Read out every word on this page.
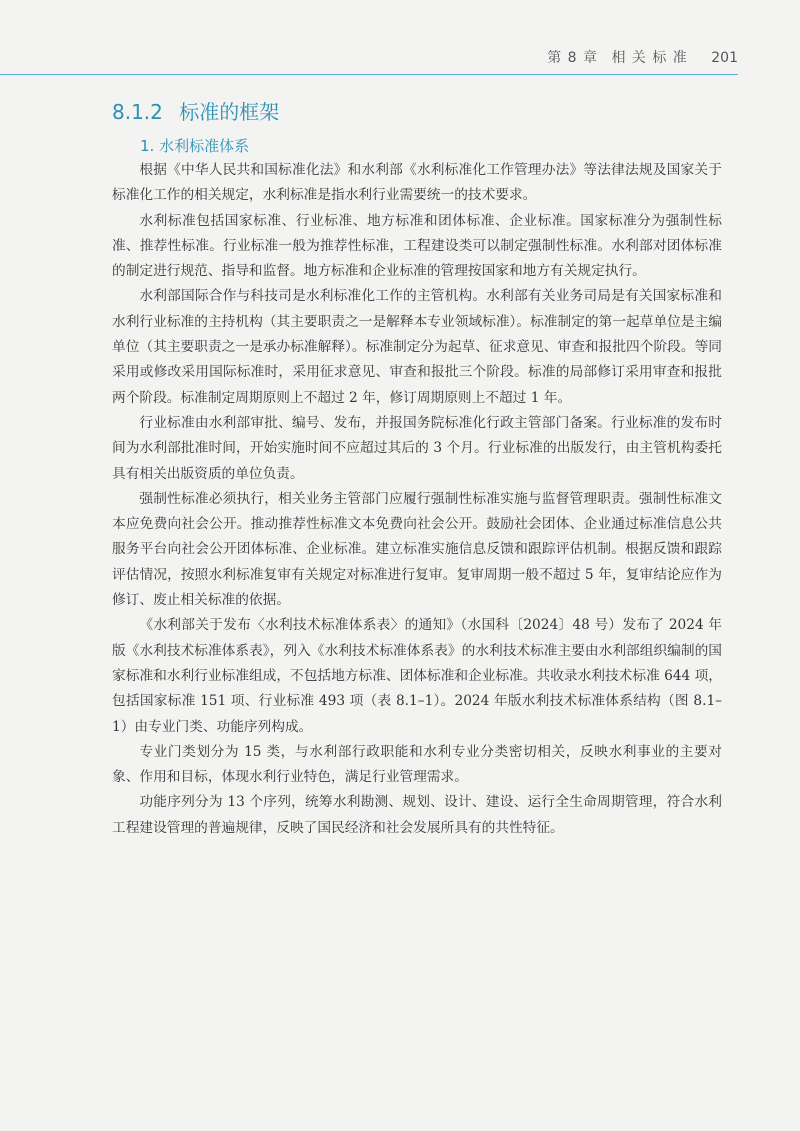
第 8 章 相 关 标 准 201
8.1.2 标准的框架
1. 水利标准体系

根据《中华人民共和国标准化法》和水利部《水利标准化工作管理办法》等法律法规及国家关于标准化工作的相关规定，水利标准是指水利行业需要统一的技术要求。

水利标准包括国家标准、行业标准、地方标准和团体标准、企业标准。国家标准分为强制性标准、推荐性标准。行业标准一般为推荐性标准，工程建设类可以制定强制性标准。水利部对团体标准的制定进行规范、指导和监督。地方标准和企业标准的管理按国家和地方有关规定执行。

水利部国际合作与科技司是水利标准化工作的主管机构。水利部有关业务司局是有关国家标准和水利行业标准的主持机构（其主要职责之一是解释本专业领域标准）。标准制定的第一起草单位是主编单位（其主要职责之一是承办标准解释）。标准制定分为起草、征求意见、审查和报批四个阶段。等同采用或修改采用国际标准时，采用征求意见、审查和报批三个阶段。标准的局部修订采用审查和报批两个阶段。标准制定周期原则上不超过 2 年，修订周期原则上不超过 1 年。

行业标准由水利部审批、编号、发布，并报国务院标准化行政主管部门备案。行业标准的发布时间为水利部批准时间，开始实施时间不应超过其后的 3 个月。行业标准的出版发行，由主管机构委托具有相关出版资质的单位负责。

强制性标准必须执行，相关业务主管部门应履行强制性标准实施与监督管理职责。强制性标准文本应免费向社会公开。推动推荐性标准文本免费向社会公开。鼓励社会团体、企业通过标准信息公共服务平台向社会公开团体标准、企业标准。建立标准实施信息反馈和跟踪评估机制。根据反馈和跟踪评估情况，按照水利标准复审有关规定对标准进行复审。复审周期一般不超过 5 年，复审结论应作为修订、废止相关标准的依据。

《水利部关于发布〈水利技术标准体系表〉的通知》（水国科〔2024〕48 号）发布了 2024 年版《水利技术标准体系表》，列入《水利技术标准体系表》的水利技术标准主要由水利部组织编制的国家标准和水利行业标准组成，不包括地方标准、团体标准和企业标准。共收录水利技术标准 644 项，包括国家标准 151 项、行业标准 493 项（表 8.1–1）。2024 年版水利技术标准体系结构（图 8.1–1）由专业门类、功能序列构成。

专业门类划分为 15 类，与水利部行政职能和水利专业分类密切相关，反映水利事业的主要对象、作用和目标，体现水利行业特色，满足行业管理需求。

功能序列分为 13 个序列，统筹水利勘测、规划、设计、建设、运行全生命周期管理，符合水利工程建设管理的普遍规律，反映了国民经济和社会发展所具有的共性特征。
